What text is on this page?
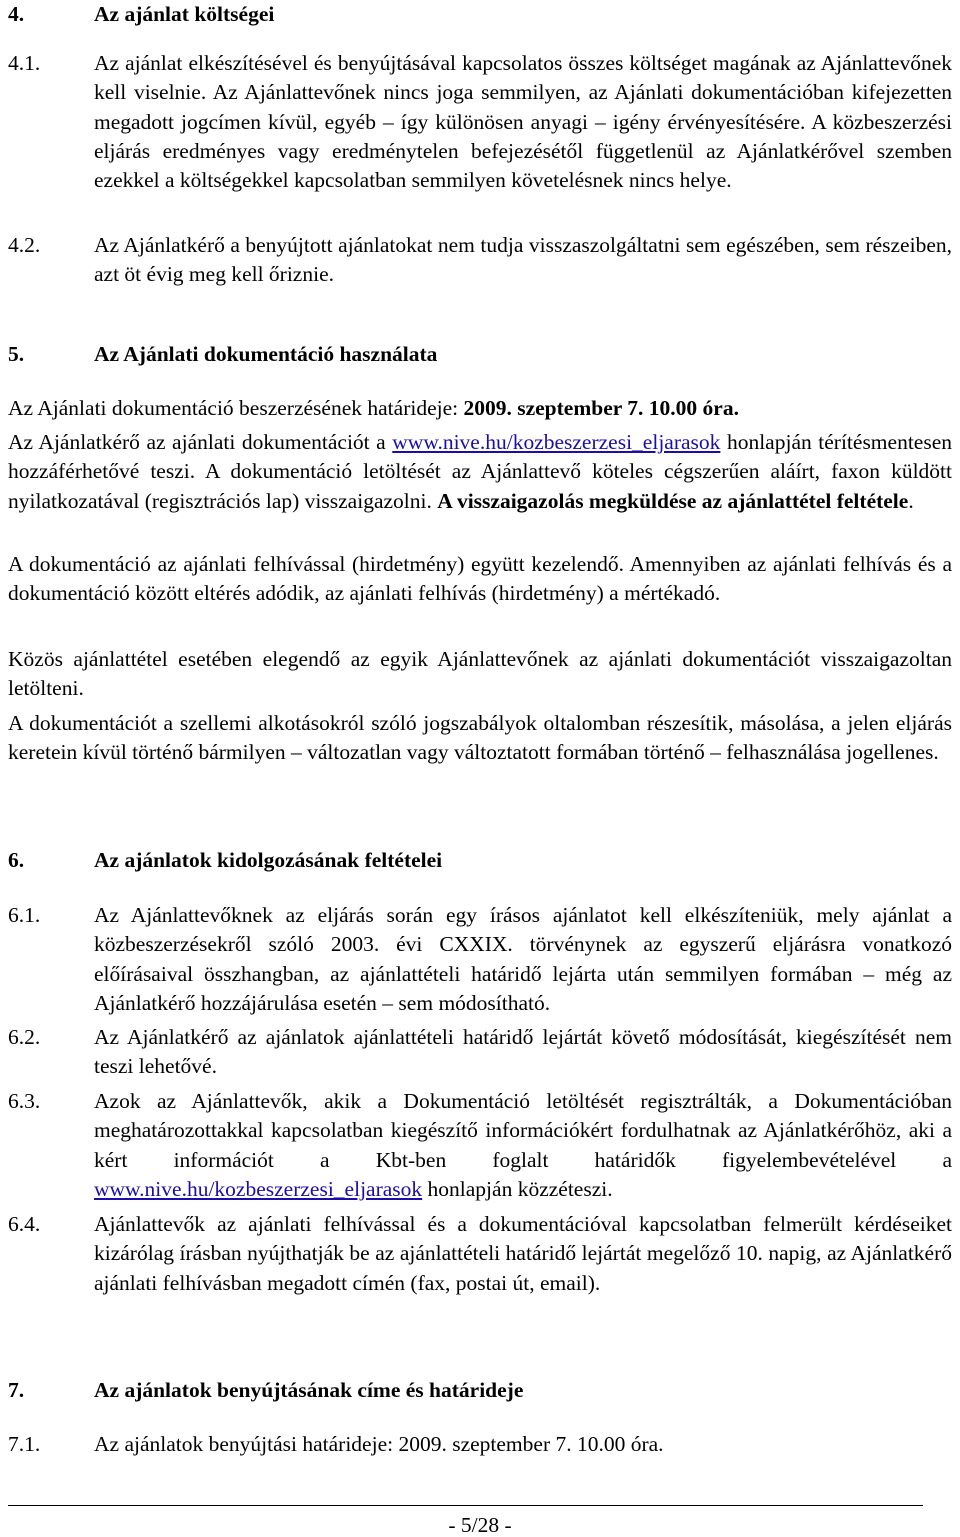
4.	Az ajánlat költségei
4.1.	Az ajánlat elkészítésével és benyújtásával kapcsolatos összes költséget magának az Ajánlattevőnek kell viselnie. Az Ajánlattevőnek nincs joga semmilyen, az Ajánlati dokumentációban kifejezetten megadott jogcímen kívül, egyéb – így különösen anyagi – igény érvényesítésére. A közbeszerzési eljárás eredményes vagy eredménytelen befejezésétől függetlenül az Ajánlatkérővel szemben ezekkel a költségekkel kapcsolatban semmilyen követelésnek nincs helye.
4.2.	Az Ajánlatkérő a benyújtott ajánlatokat nem tudja visszaszolgáltatni sem egészében, sem részeiben, azt öt évig meg kell őriznie.
5.	Az Ajánlati dokumentáció használata
Az Ajánlati dokumentáció beszerzésének határideje: 2009. szeptember 7. 10.00 óra.
Az Ajánlatkérő az ajánlati dokumentációt a www.nive.hu/kozbeszerzesi_eljarasok honlapján térítésmentesen hozzáférhetővé teszi. A dokumentáció letöltését az Ajánlattevő köteles cégszerűen aláírt, faxon küldött nyilatkozatával (regisztrációs lap) visszaigazolni. A visszaigazolás megküldése az ajánlattétel feltétele.
A dokumentáció az ajánlati felhívással (hirdetmény) együtt kezelendő. Amennyiben az ajánlati felhívás és a dokumentáció között eltérés adódik, az ajánlati felhívás (hirdetmény) a mértékadó.
Közös ajánlattétel esetében elegendő az egyik Ajánlattevőnek az ajánlati dokumentációt visszaigazoltan letölteni.
A dokumentációt a szellemi alkotásokról szóló jogszabályok oltalomban részesítik, másolása, a jelen eljárás keretein kívül történő bármilyen – változatlan vagy változtatott formában történő – felhasználása jogellenes.
6.	Az ajánlatok kidolgozásának feltételei
6.1.	Az Ajánlattevőknek az eljárás során egy írásos ajánlatot kell elkészíteniük, mely ajánlat a közbeszerzésekről szóló 2003. évi CXXIX. törvénynek az egyszerű eljárásra vonatkozó előírásaival összhangban, az ajánlattételi határidő lejárta után semmilyen formában – még az Ajánlatkérő hozzájárulása esetén – sem módosítható.
6.2.	Az Ajánlatkérő az ajánlatok ajánlattételi határidő lejártát követő módosítását, kiegészítését nem teszi lehetővé.
6.3.	Azok az Ajánlattevők, akik a Dokumentáció letöltését regisztrálták, a Dokumentációban meghatározottakkal kapcsolatban kiegészítő információkért fordulhatnak az Ajánlatkérőhöz, aki a kért információt a Kbt-ben foglalt határidők figyelembevételével a www.nive.hu/kozbeszerzesi_eljarasok honlapján közzéteszi.
6.4.	Ajánlattevők az ajánlati felhívással és a dokumentációval kapcsolatban felmerült kérdéseiket kizárólag írásban nyújthatják be az ajánlattételi határidő lejártát megelőző 10. napig, az Ajánlatkérő ajánlati felhívásban megadott címén (fax, postai út, email).
7.	Az ajánlatok benyújtásának címe és határideje
7.1.	Az ajánlatok benyújtási határideje: 2009. szeptember 7. 10.00 óra.
- 5/28 -
